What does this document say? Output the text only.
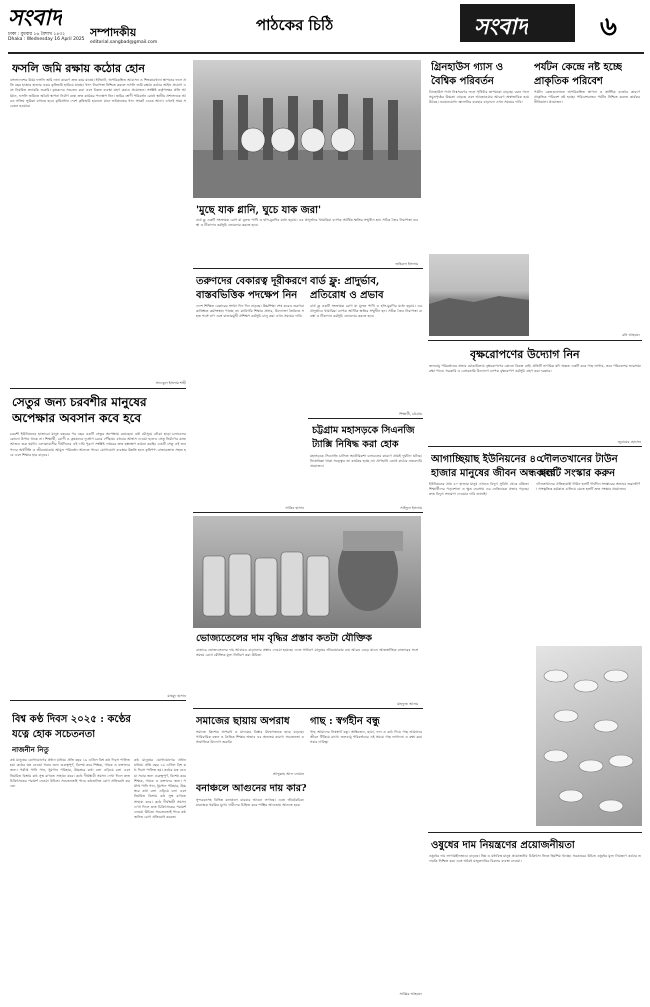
সংবাদ
ঢাকা : বুধবার ১৬ বৈশাখ ১৪৩২
Dhaka : Wednesday 16 April 2025
সম্পাদকীয়
editorial.sangbad@gmail.com
পাঠকের চিঠি	সংবাদ	৬
ফসলি জমি রক্ষায় কঠোর হোন
বাংলাদেশের উর্বর ফসলি জমি নানা কারণে দ্রুত কমে যাচ্ছে। ইটভাটা, অপরিকল্পিত আবাসন ও শিল্পকারখানা স্থাপনের ফলে প্রতি বছর হাজার হাজার একর কৃষিজমি হারিয়ে যাচ্ছে। খাদ্য নিরাপত্তা নিশ্চিত করতে ফসলি জমি রক্ষায় কঠোর আইন প্রয়োগ এবং নিয়মিত তদারকি জরুরি। কৃষকদের সচেতন করা এবং বিকল্প ব্যবস্থা গ্রহণ করাও প্রয়োজন। সংশ্লিষ্ট কর্তৃপক্ষের প্রতি আহ্বান, ফসলি জমিতে অবৈধ স্থাপনা নির্মাণ বন্ধে দ্রুত কার্যকর পদক্ষেপ নিন। জমির শ্রেণী পরিবর্তন রোধে স্থানীয় প্রশাসনকে আরও সক্রিয় ভূমিকা রাখতে হবে। কৃষিপ্রধান দেশে কৃষিজমি হারানো মানে ভবিষ্যতের খাদ্য সংকট ডেকে আনা। এখনই সময় সচেতন হওয়ার।
সাদেকুল ইসলাম শাহী
সেতুর জন্য চরবশীর মানুষের অপেক্ষার অবসান কবে হবে
চরবশী ইউনিয়নের হাজারো মানুষ বছরের পর বছর একটি সেতুর অপেক্ষায় রয়েছেন। বর্ষা মৌসুমে নৌকা ছাড়া চলাচলের কোনো উপায় থাকে না। শিক্ষার্থী, রোগী ও কৃষকদের দুর্ভোগ চরমে পৌঁছায়। বহুবার আশ্বাস দেওয়া হলেও সেতু নির্মাণের কাজ আজও শুরু হয়নি। এলাকাবাসীর দীর্ঘদিনের এই দাবি পূরণে সংশ্লিষ্ট দপ্তরের দ্রুত হস্তক্ষেপ কামনা করছি। একটি সেতু এই জনপদের অর্থনীতি ও জীবনযাত্রায় আমূল পরিবর্তন আনতে পারে। যোগাযোগ ব্যবস্থার উন্নতি হলে কৃষিপণ্য বাজারজাত সহজ হবে এবং শিক্ষার হার বাড়বে।
মাহমুদ হাসান
বিশ্ব কণ্ঠ দিবস ২০২৫ : কণ্ঠের
যত্নে হোক সচেতনতা
নাজনীন নিতু
কণ্ঠ মানুষের যোগাযোগের প্রধান মাধ্যম। প্রতি বছর ১৬ এপ্রিল বিশ্ব কণ্ঠ দিবস পালিত হয়। কণ্ঠের যত্ন নেওয়া সবার জন্য গুরুত্বপূর্ণ, বিশেষ করে শিক্ষক, গায়ক ও বক্তাদের জন্য। পর্যাপ্ত পানি পান, ধূমপান পরিহার, উচ্চস্বরে কথা বলা এড়িয়ে চলা এবং নিয়মিত বিশ্রাম কণ্ঠ সুস্থ রাখতে সাহায্য করে। কণ্ঠে দীর্ঘস্থায়ী সমস্যা দেখা দিলে দ্রুত চিকিৎসকের পরামর্শ নেওয়া উচিত। সচেতনতাই পারে কণ্ঠজনিত রোগ প্রতিরোধ করতে।
কণ্ঠ মানুষের যোগাযোগের প্রধান মাধ্যম। প্রতি বছর ১৬ এপ্রিল বিশ্ব কণ্ঠ দিবস পালিত হয়। কণ্ঠের যত্ন নেওয়া সবার জন্য গুরুত্বপূর্ণ, বিশেষ করে শিক্ষক, গায়ক ও বক্তাদের জন্য। পর্যাপ্ত পানি পান, ধূমপান পরিহার, উচ্চস্বরে কথা বলা এড়িয়ে চলা এবং নিয়মিত বিশ্রাম কণ্ঠ সুস্থ রাখতে সাহায্য করে। কণ্ঠে দীর্ঘস্থায়ী সমস্যা দেখা দিলে দ্রুত চিকিৎসকের পরামর্শ নেওয়া উচিত। সচেতনতাই পারে কণ্ঠজনিত রোগ প্রতিরোধ করতে।
'মুছে যাক গ্লানি, ঘুচে যাক জরা'
বার্ড ফ্লু একটি সংক্রামক রোগ যা মূলত পাখি ও হাঁস-মুরগির মধ্যে ছড়ায়। এর প্রাদুর্ভাবে খামারিরা ব্যাপক আর্থিক ক্ষতির সম্মুখীন হন। সঠিক জৈব নিরাপত্তা ব্যবস্থা ও টিকাদান কর্মসূচি জোরদার করতে হবে।
জহিরুল ইসলাম
তরুণদের বেকারত্ব দূরীকরণে
বাস্তবভিত্তিক পদক্ষেপ নিন
দেশে শিক্ষিত বেকারের সংখ্যা দিন দিন বাড়ছে। উচ্চশিক্ষা শেষ করেও তরুণরা কাঙ্ক্ষিত কর্মসংস্থান পাচ্ছে না। কারিগরি শিক্ষার প্রসার, উদ্যোক্তা তৈরিতে সহজ শর্তে ঋণ এবং বাজারমুখী প্রশিক্ষণ কর্মসূচি চালু করা এখন সময়ের দাবি।
সাকিব হাসান
বার্ড ফ্লু: প্রাদুর্ভাব,
প্রতিরোধ ও প্রভাব
বার্ড ফ্লু একটি সংক্রামক রোগ যা মূলত পাখি ও হাঁস-মুরগির মধ্যে ছড়ায়। এর প্রাদুর্ভাবে খামারিরা ব্যাপক আর্থিক ক্ষতির সম্মুখীন হন। সঠিক জৈব নিরাপত্তা ব্যবস্থা ও টিকাদান কর্মসূচি জোরদার করতে হবে।
শিক্ষার্থী, চট্টগ্রাম
চট্টগ্রাম মহাসড়কে সিএনজি
ট্যাক্সি নিষিদ্ধ করা হোক
মহাসড়কে সিএনজি চালিত অটোরিকশা চলাচলের কারণে প্রায়ই দুর্ঘটনা ঘটছে। নিষেধাজ্ঞা থাকা সত্ত্বেও তা কার্যকর হচ্ছে না। প্রাণহানি রোধে কঠোর নজরদারি প্রয়োজন।
সাইফুল ইসলাম
ভোজ্যতেলের দাম বৃদ্ধির প্রস্তাব কতটা যৌক্তিক
বাজারে ভোজ্যতেলের দাম আবারও বাড়ানোর প্রস্তাব দেওয়া হয়েছে। এতে সাধারণ মানুষের জীবনযাত্রার ব্যয় আরও বেড়ে যাবে। আন্তর্জাতিক বাজারের সঙ্গে সমন্বয় রেখে যৌক্তিক মূল্য নির্ধারণ করা উচিত।
মাহফুজ আলম
সমাজের ছায়ায় অপরাধ
সমাজে কিশোর অপরাধ ও মাদকের বিস্তার উদ্বেগজনক হারে বাড়ছে। পারিবারিক বন্ধন ও নৈতিক শিক্ষার অভাব এর অন্যতম কারণ। সচেতনতা ও সামাজিক উদ্যোগ জরুরি।
আব্দুল্লাহ আল নোমান
বনাঞ্চলে আগুনের দায় কার?
সুন্দরবনসহ বিভিন্ন বনাঞ্চলে বারবার আগুন লাগছে। এতে জীববৈচিত্র্য মারাত্মক হুমকির মুখে। দায়ীদের চিহ্নিত করে শাস্তির আওতায় আনতে হবে।
গাছ : স্বর্গহীন বন্ধু
গাছ আমাদের নিঃস্বার্থ বন্ধু। অক্সিজেন, ছায়া, ফল ও কাঠ দিয়ে গাছ আমাদের জীবন টিকিয়ে রাখে। জলবায়ু পরিবর্তনের এই সময়ে গাছ লাগানো ও রক্ষা করা সবার দায়িত্ব।
সাব্বির আহমেদ
গ্রিনহাউস গ্যাস ও
বৈশ্বিক পরিবর্তন
গ্রিনহাউস গ্যাস নিঃসরণের ফলে পৃথিবীর তাপমাত্রা বাড়ছে। বরফ গলে সমুদ্রপৃষ্ঠের উচ্চতা বাড়ছে এবং আবহাওয়ার আচরণ অস্বাভাবিক হয়ে উঠছে। নবায়নযোগ্য জ্বালানির ব্যবহার বাড়ানো এখন সময়ের দাবি।
পর্যটন কেন্দ্রে নষ্ট হচ্ছে
প্রাকৃতিক পরিবেশ
পর্যটন কেন্দ্রগুলোতে অপরিকল্পিত স্থাপনা ও প্লাস্টিক বর্জ্যের কারণে প্রাকৃতিক পরিবেশ নষ্ট হচ্ছে। পরিবেশবান্ধব পর্যটন নিশ্চিত করতে কার্যকর নীতিমালা প্রয়োজন।
রনি আহমেদ
বৃক্ষরোপণের উদ্যোগ নিন
জলবায়ু পরিবর্তনের প্রভাব মোকাবিলায় বৃক্ষরোপণের কোনো বিকল্প নেই। প্রতিটি নাগরিক যদি অন্তত একটি করে গাছ লাগায়, তবে পরিবেশের ভারসাম্য রক্ষা পাবে। সরকারি ও বেসরকারি উদ্যোগে ব্যাপক বৃক্ষরোপণ কর্মসূচি গ্রহণ করা দরকার।
জুবায়ের হোসেন
আগাচ্ছিয়াছ ইউনিয়নের ৪০
হাজার মানুষের জীবন অন্ধকারে
ইউনিয়নের প্রায় ৪০ হাজার মানুষ এখনও বিদ্যুৎ সুবিধা থেকে বঞ্চিত। শিক্ষার্থীদের পড়াশোনা ও ক্ষুদ্র ব্যবসায় এর নেতিবাচক প্রভাব পড়ছে। দ্রুত বিদ্যুৎ সংযোগ দেওয়ার দাবি জানাই।
দৌলতখানের টাউন
হলটি সংস্কার করুন
দৌলতখানের ঐতিহ্যবাহী টাউন হলটি দীর্ঘদিন সংস্কারের অভাবে জরাজীর্ণ। সাংস্কৃতিক কর্মকাণ্ড চালিয়ে যেতে হলটি দ্রুত সংস্কার প্রয়োজন।
ওষুধের দাম নিয়ন্ত্রণের প্রয়োজনীয়তা
ওষুধের দাম লাগামহীনভাবে বাড়ছে। নিম্ন ও মধ্যবিত্ত মানুষ প্রয়োজনীয় চিকিৎসা নিতে হিমশিম খাচ্ছে। সরকারের উচিত ওষুধের মূল্য নিয়ন্ত্রণে কঠোর তদারকি নিশ্চিত করা এবং অবৈধ মজুতদারির বিরুদ্ধে ব্যবস্থা নেওয়া।
